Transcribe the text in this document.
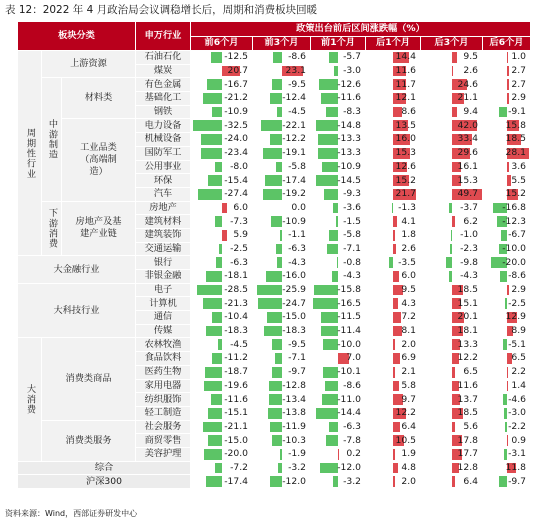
表 12：2022 年 4 月政治局会议调稳增长后，周期和消费板块回暖
板块分类			申万行业	政策出台前后区间涨跌幅（%）					
				前6个月	前3个月	前1个月	后1个月	后3个月	后6个月

周期性行业	上游资源		石油石化	-12.5	-8.6	-5.7	14.4	9.5	1.0

			煤炭	20.7	23.1	-3.0	11.6	2.6	2.7

	中游制造	材料类	有色金属	-16.7	-9.5	-12.6	11.7	24.6	2.7

			基础化工	-21.2	-12.4	-11.6	12.1	21.1	2.9

			钢铁	-10.9	-4.5	-8.3	8.6	9.4	-9.1

		工业品类（高端制造）	电力设备	-32.5	-22.1	-14.8	13.5	42.0	15.8

			机械设备	-24.0	-12.2	-13.3	16.0	33.4	18.5

			国防军工	-23.4	-19.1	-13.3	15.3	29.6	28.1

			公用事业	-8.0	-5.8	-10.9	12.6	16.1	3.6

			环保	-15.4	-17.4	-14.5	15.2	15.3	5.5

			汽车	-27.4	-19.2	-9.3	21.7	49.7	15.2

	下游消费	房地产及基建产业链	房地产	6.0	0.0	-3.6	-1.3	-3.7	-16.8

			建筑材料	-7.3	-10.9	-1.5	4.1	6.2	-12.3

			建筑装饰	5.9	-1.1	-5.8	1.8	-1.0	-6.7

			交通运输	-2.5	-6.3	-7.1	2.6	-2.3	-10.0

大金融行业			银行	-6.3	-4.3	-0.8	-3.5	-9.8	-20.0

			非银金融	-18.1	-16.0	-4.3	6.0	-4.3	-8.6

大科技行业			电子	-28.5	-25.9	-15.8	9.5	18.5	2.9

			计算机	-21.3	-24.7	-16.5	4.3	15.1	-2.5

			通信	-10.4	-15.0	-11.5	7.2	20.1	12.9

			传媒	-18.3	-18.3	-11.4	8.1	18.1	8.9

大消费	消费类商品		农林牧渔	-4.5	-9.5	-10.0	2.0	13.3	-5.1

			食品饮料	-11.2	-7.1	7.0	6.9	12.2	6.5

			医药生物	-18.7	-9.7	-10.1	2.1	6.5	2.2

			家用电器	-19.6	-12.8	-8.6	5.8	11.6	1.4

			纺织服饰	-11.6	-13.4	-11.0	9.7	13.7	-4.6

			轻工制造	-15.1	-13.8	-14.4	12.2	18.5	-3.0

	消费类服务		社会服务	-21.1	-11.9	-6.3	6.4	5.6	-2.2

			商贸零售	-15.0	-10.3	-7.8	10.5	17.8	0.9

			美容护理	-20.0	-1.9	0.2	1.9	17.7	-3.1

综合				-7.2	-3.2	-12.0	4.8	12.8	11.8

沪深300				-17.4	-12.0	-3.2	2.0	6.4	-9.7
资料来源：Wind，西部证券研发中心
